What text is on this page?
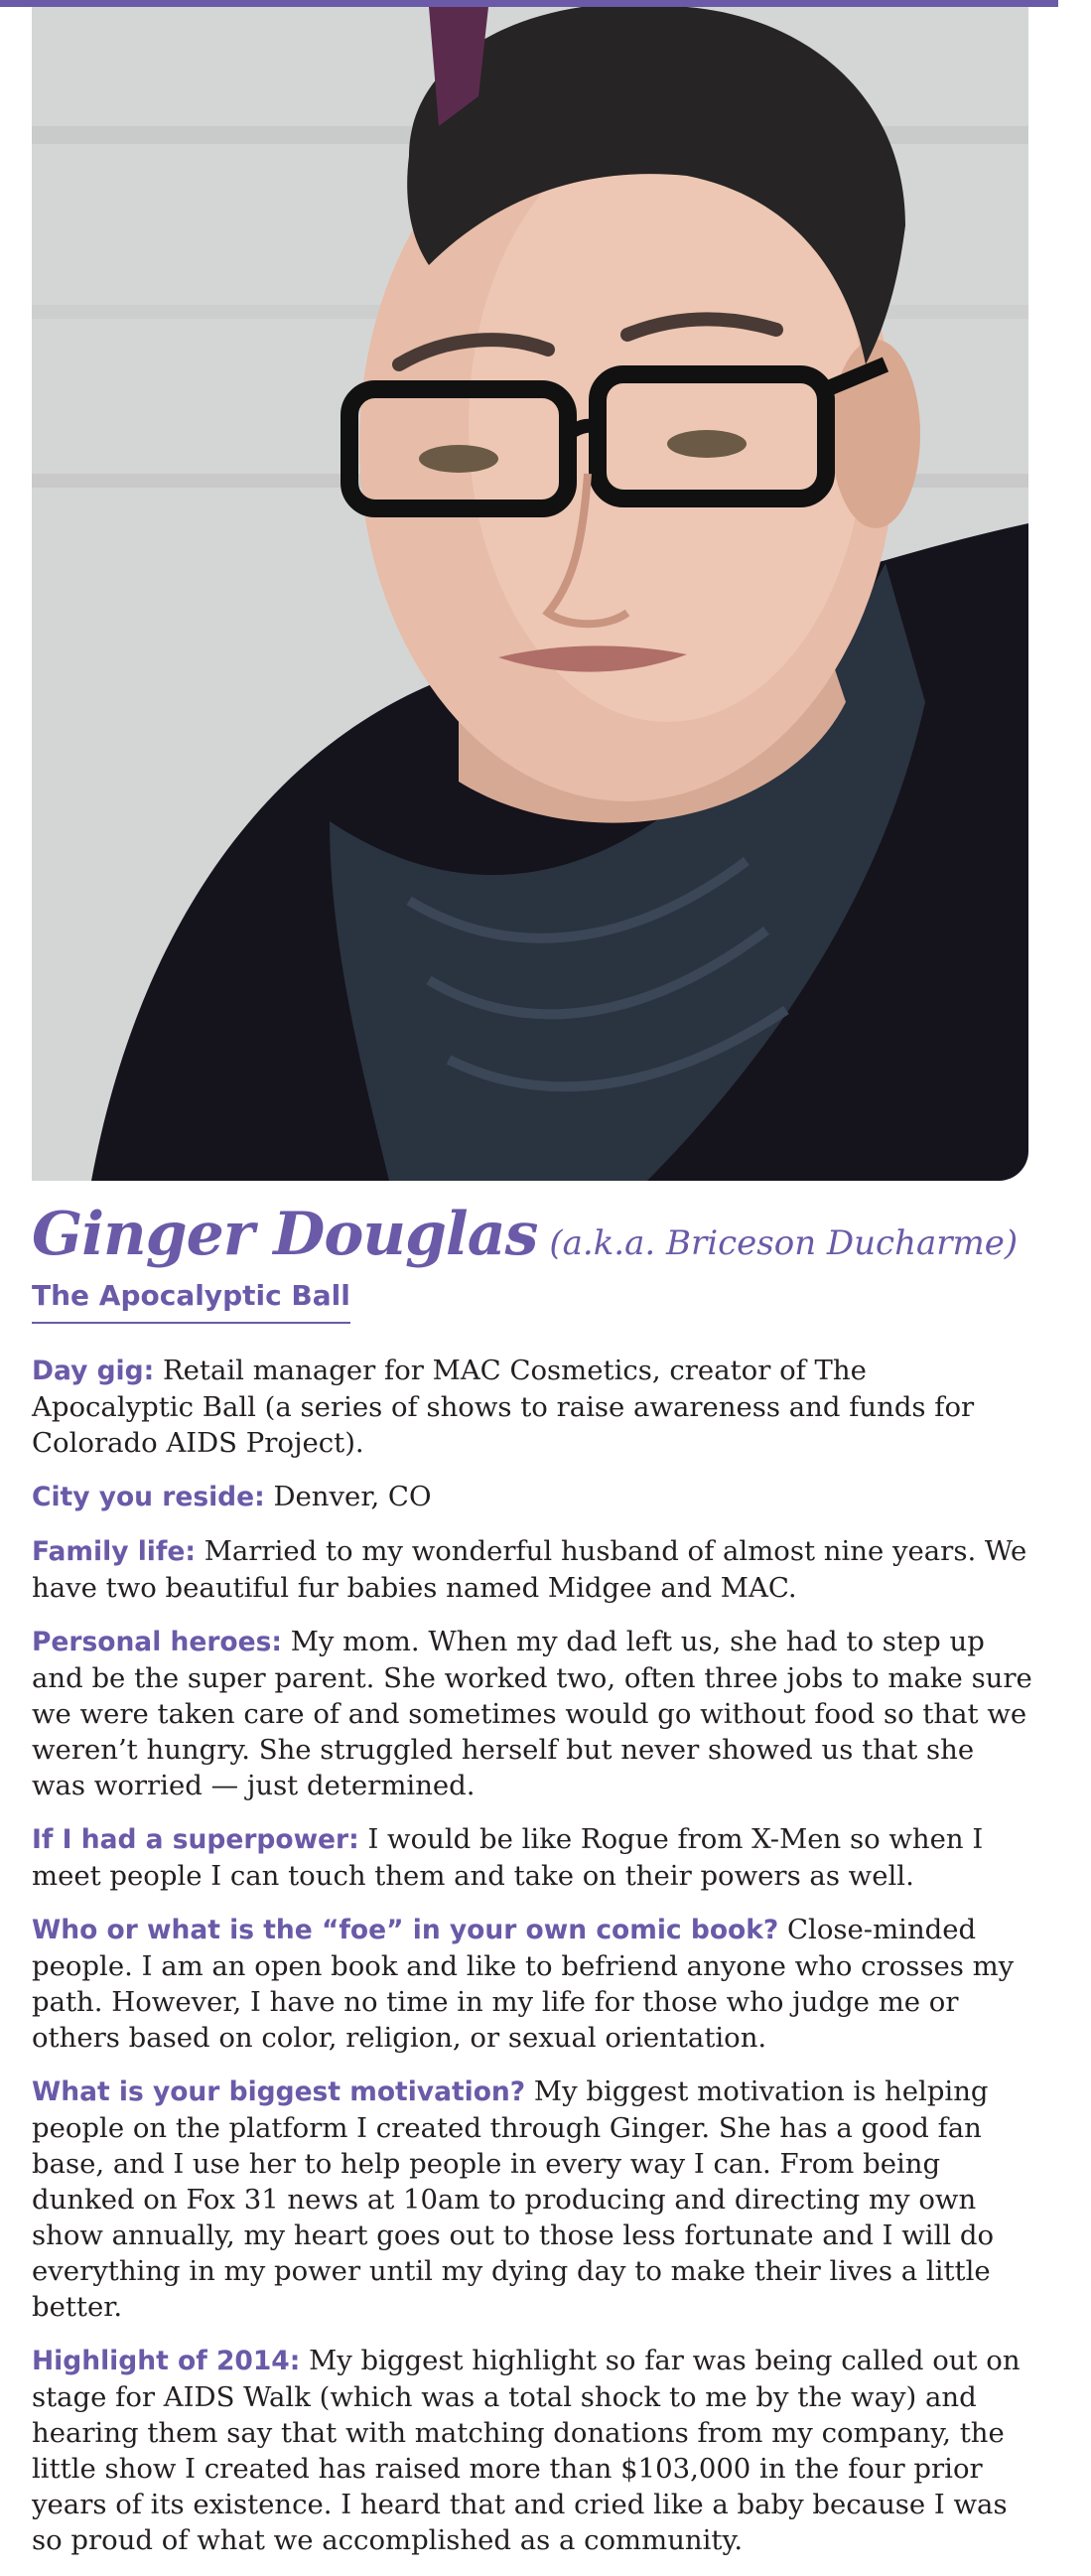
Ginger Douglas (a.k.a. Briceson Ducharme)
The Apocalyptic Ball

Day gig: Retail manager for MAC Cosmetics, creator of The Apocalyptic Ball (a series of shows to raise awareness and funds for Colorado AIDS Project).

City you reside: Denver, CO

Family life: Married to my wonderful husband of almost nine years. We have two beautiful fur babies named Midgee and MAC.

Personal heroes: My mom. When my dad left us, she had to step up and be the super parent. She worked two, often three jobs to make sure we were taken care of and sometimes would go without food so that we weren’t hungry. She struggled herself but never showed us that she was worried — just determined.

If I had a superpower: I would be like Rogue from X-Men so when I meet people I can touch them and take on their powers as well.

Who or what is the “foe” in your own comic book? Close-minded people. I am an open book and like to befriend anyone who crosses my path. However, I have no time in my life for those who judge me or others based on color, religion, or sexual orientation.

What is your biggest motivation? My biggest motivation is helping people on the platform I created through Ginger. She has a good fan base, and I use her to help people in every way I can. From being dunked on Fox 31 news at 10am to producing and directing my own show annually, my heart goes out to those less fortunate and I will do everything in my power until my dying day to make their lives a little better.

Highlight of 2014: My biggest highlight so far was being called out on stage for AIDS Walk (which was a total shock to me by the way) and hearing them say that with matching donations from my company, the little show I created has raised more than $103,000 in the four prior years of its existence. I heard that and cried like a baby because I was so proud of what we accomplished as a community.
